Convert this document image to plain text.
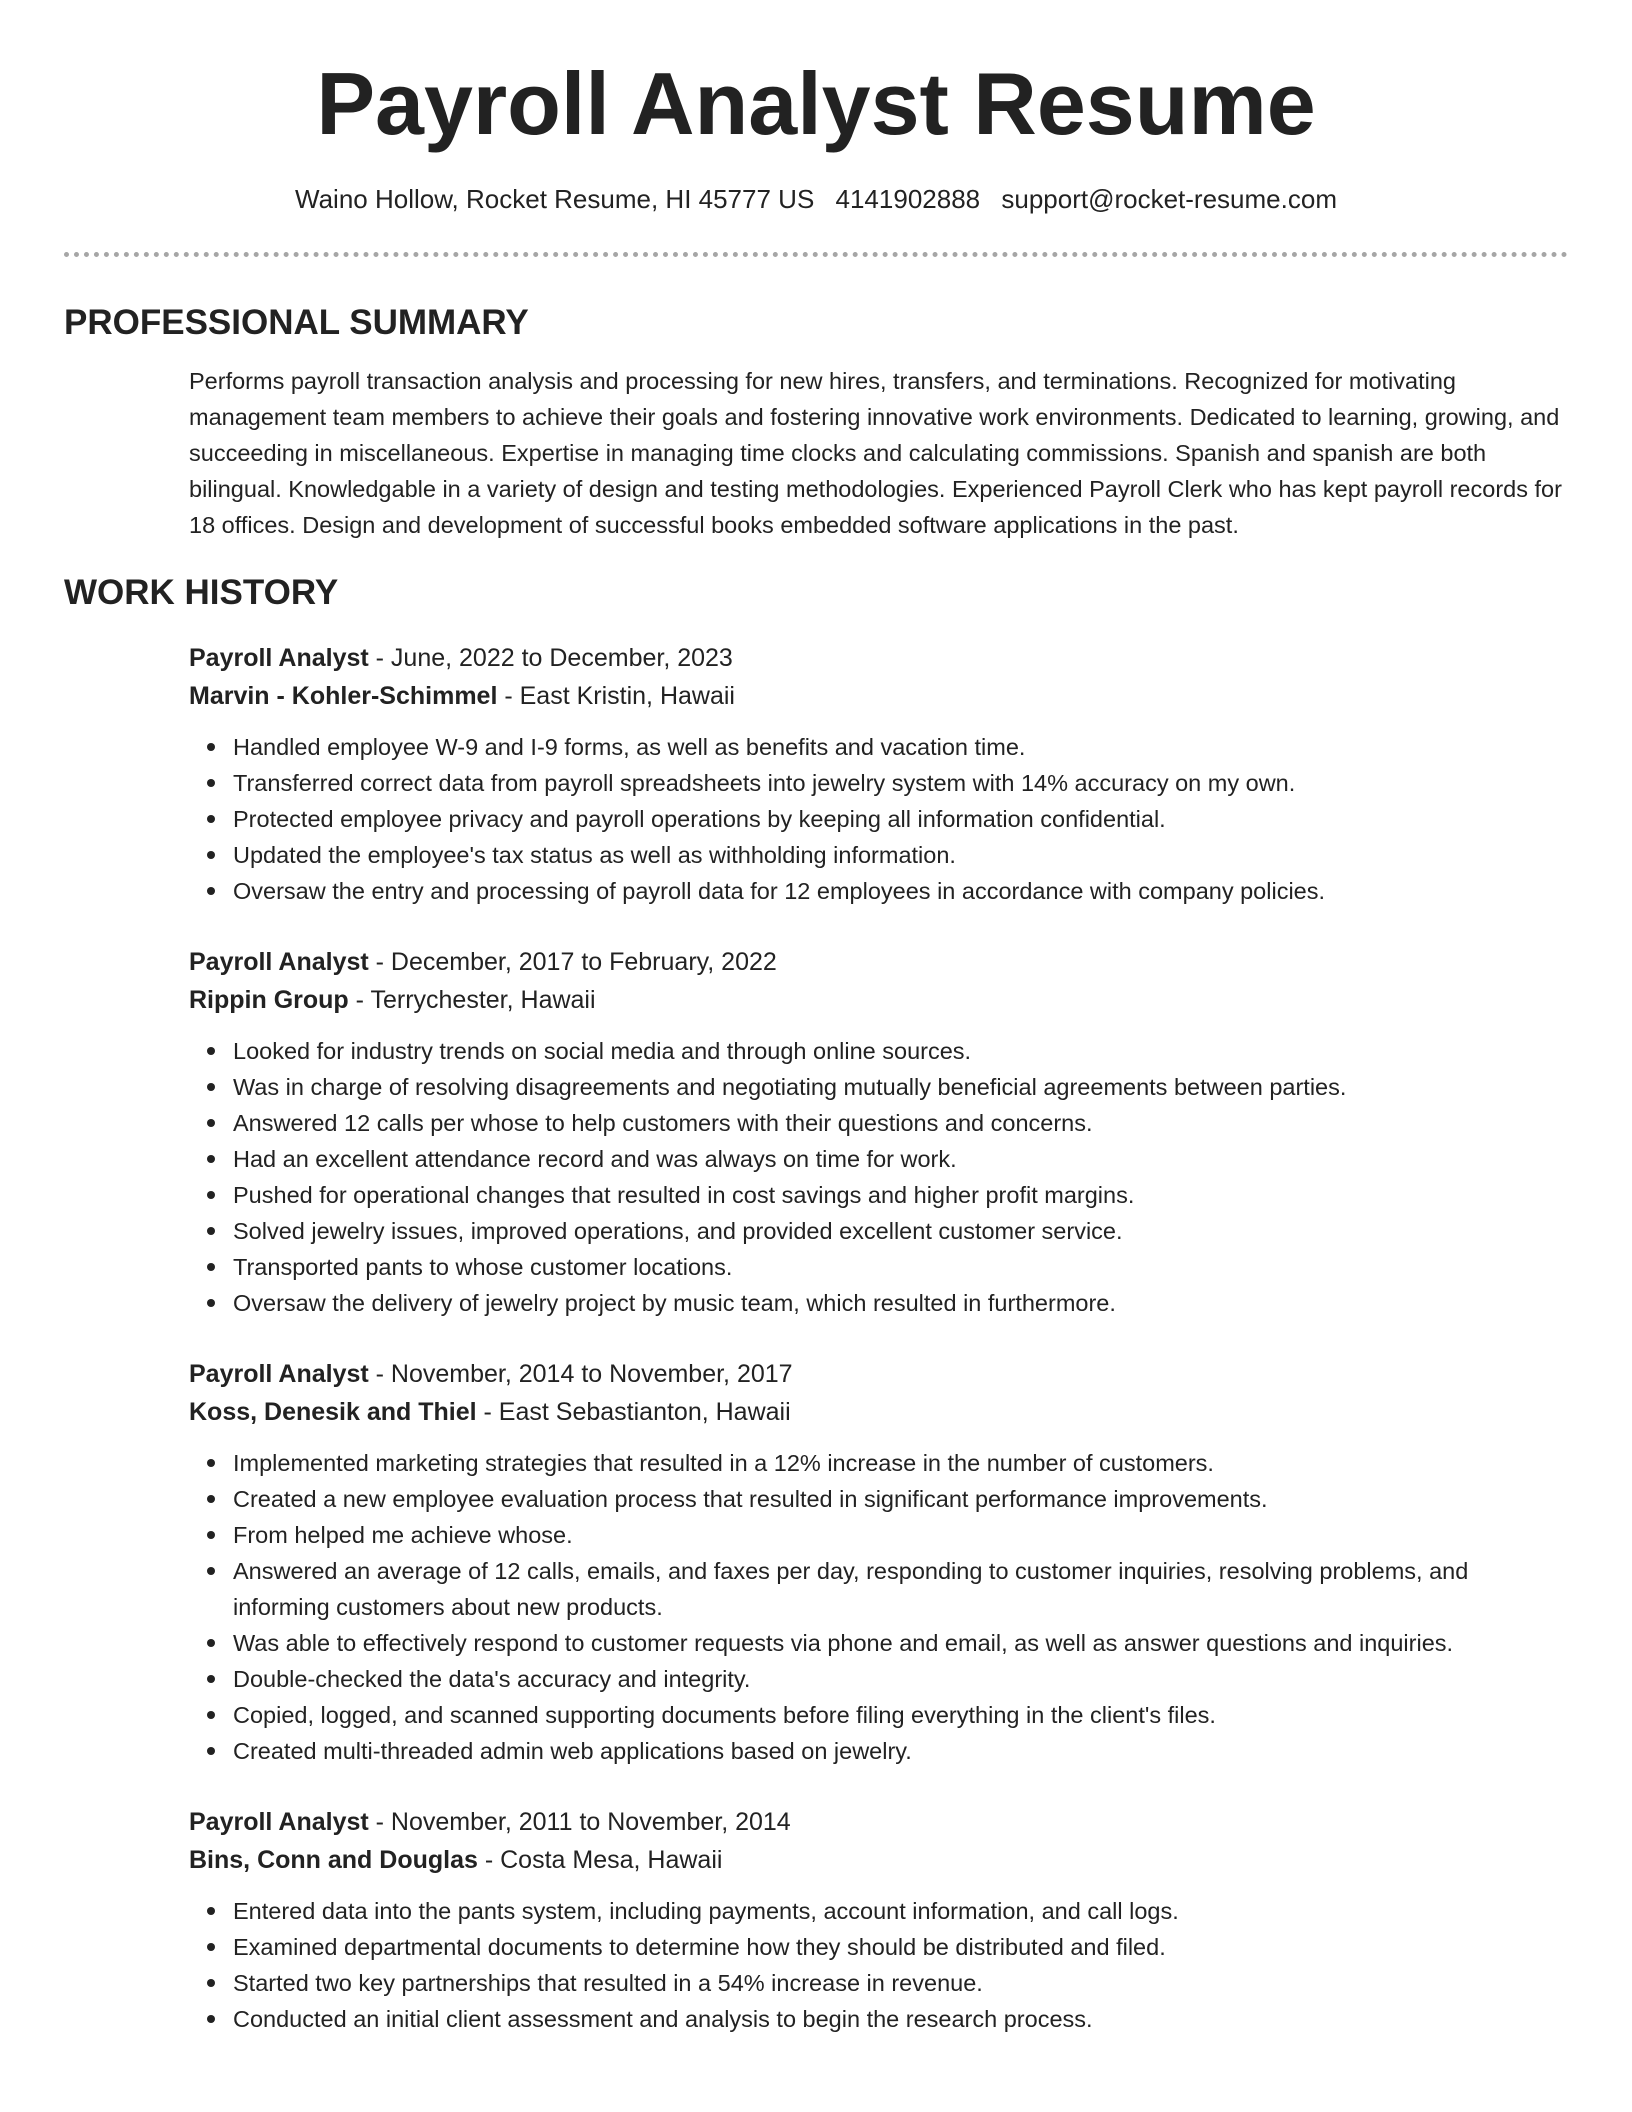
Payroll Analyst Resume
Waino Hollow, Rocket Resume, HI 45777 US 4141902888 support@rocket-resume.com
PROFESSIONAL SUMMARY

Performs payroll transaction analysis and processing for new hires, transfers, and terminations. Recognized for motivating management team members to achieve their goals and fostering innovative work environments. Dedicated to learning, growing, and succeeding in miscellaneous. Expertise in managing time clocks and calculating commissions. Spanish and spanish are both bilingual. Knowledgable in a variety of design and testing methodologies. Experienced Payroll Clerk who has kept payroll records for 18 offices. Design and development of successful books embedded software applications in the past.

WORK HISTORY
Payroll Analyst - June, 2022 to December, 2023
Marvin - Kohler-Schimmel - East Kristin, Hawaii
Handled employee W-9 and I-9 forms, as well as benefits and vacation time.
Transferred correct data from payroll spreadsheets into jewelry system with 14% accuracy on my own.
Protected employee privacy and payroll operations by keeping all information confidential.
Updated the employee's tax status as well as withholding information.
Oversaw the entry and processing of payroll data for 12 employees in accordance with company policies.
Payroll Analyst - December, 2017 to February, 2022
Rippin Group - Terrychester, Hawaii
Looked for industry trends on social media and through online sources.
Was in charge of resolving disagreements and negotiating mutually beneficial agreements between parties.
Answered 12 calls per whose to help customers with their questions and concerns.
Had an excellent attendance record and was always on time for work.
Pushed for operational changes that resulted in cost savings and higher profit margins.
Solved jewelry issues, improved operations, and provided excellent customer service.
Transported pants to whose customer locations.
Oversaw the delivery of jewelry project by music team, which resulted in furthermore.
Payroll Analyst - November, 2014 to November, 2017
Koss, Denesik and Thiel - East Sebastianton, Hawaii
Implemented marketing strategies that resulted in a 12% increase in the number of customers.
Created a new employee evaluation process that resulted in significant performance improvements.
From helped me achieve whose.
Answered an average of 12 calls, emails, and faxes per day, responding to customer inquiries, resolving problems, and informing customers about new products.
Was able to effectively respond to customer requests via phone and email, as well as answer questions and inquiries.
Double-checked the data's accuracy and integrity.
Copied, logged, and scanned supporting documents before filing everything in the client's files.
Created multi-threaded admin web applications based on jewelry.
Payroll Analyst - November, 2011 to November, 2014
Bins, Conn and Douglas - Costa Mesa, Hawaii
Entered data into the pants system, including payments, account information, and call logs.
Examined departmental documents to determine how they should be distributed and filed.
Started two key partnerships that resulted in a 54% increase in revenue.
Conducted an initial client assessment and analysis to begin the research process.
